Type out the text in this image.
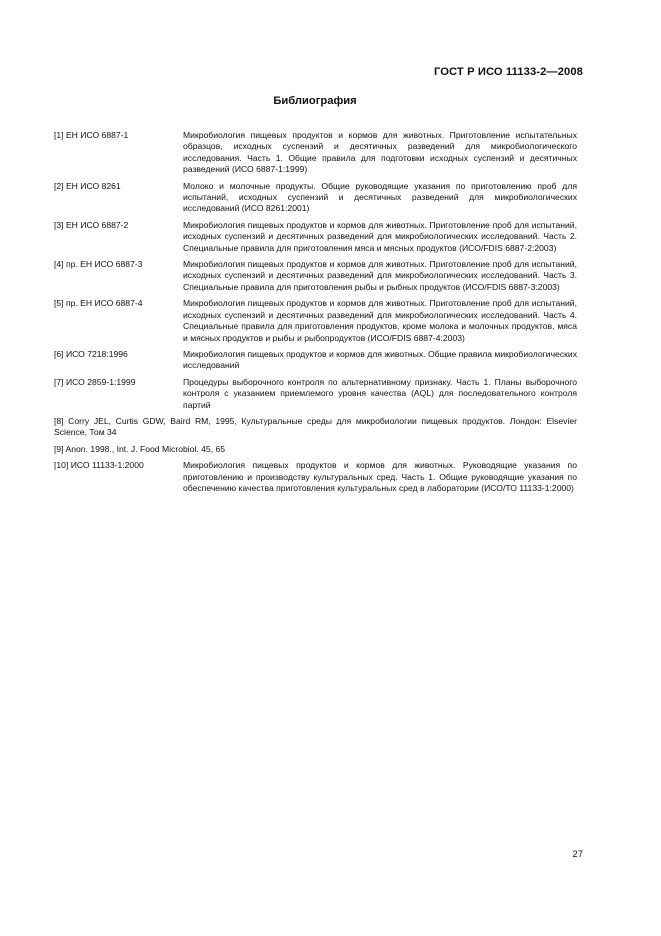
ГОСТ Р ИСО 11133-2—2008
Библиография
[1] ЕН ИСО 6887-1	Микробиология пищевых продуктов и кормов для животных. Приготовление испытательных образцов, исходных суспензий и десятичных разведений для микробиологического исследования. Часть 1. Общие правила для подготовки исходных суспензий и десятичных разведений (ИСО 6887-1:1999)
[2] ЕН ИСО 8261	Молоко и молочные продукты. Общие руководящие указания по приготовлению проб для испытаний, исходных суспензий и десятичных разведений для микробиологических исследований (ИСО 8261:2001)
[3] ЕН ИСО 6887-2	Микробиология пищевых продуктов и кормов для животных. Приготовление проб для испытаний, исходных суспензий и десятичных разведений для микробиологических исследований. Часть 2. Специальные правила для приготовления мяса и мясных продуктов (ИСО/FDIS 6887-2:2003)
[4] пр. ЕН ИСО 6887-3	Микробиология пищевых продуктов и кормов для животных. Приготовление проб для испытаний, исходных суспензий и десятичных разведений для микробиологических исследований. Часть 3. Специальные правила для приготовления рыбы и рыбных продуктов (ИСО/FDIS 6887-3:2003)
[5] пр. ЕН ИСО 6887-4	Микробиология пищевых продуктов и кормов для животных. Приготовление проб для испытаний, исходных суспензий и десятичных разведений для микробиологических исследований. Часть 4. Специальные правила для приготовления продуктов, кроме молока и молочных продуктов, мяса и мясных продуктов и рыбы и рыбопродуктов (ИСО/FDIS 6887-4:2003)
[6] ИСО 7218:1996	Микробиология пищевых продуктов и кормов для животных. Общие правила микробиологических исследований
[7] ИСО 2859-1:1999	Процедуры выборочного контроля по альтернативному признаку. Часть 1. Планы выборочного контроля с указанием приемлемого уровня качества (AQL) для последовательного контроля партий
[8] Corry JEL, Curtis GDW, Baird RM, 1995, Культуральные среды для микробиологии пищевых продуктов. Лондон: Elsevier Science, Том 34
[9] Anon. 1998., Int. J. Food Microbiol. 45, 65
[10] ИСО 11133-1:2000	Микробиология пищевых продуктов и кормов для животных. Руководящие указания по приготовлению и производству культуральных сред. Часть 1. Общие руководящие указания по обеспечению качества приготовления культуральных сред в лаборатории (ИСО/ТО 11133-1:2000)
27
